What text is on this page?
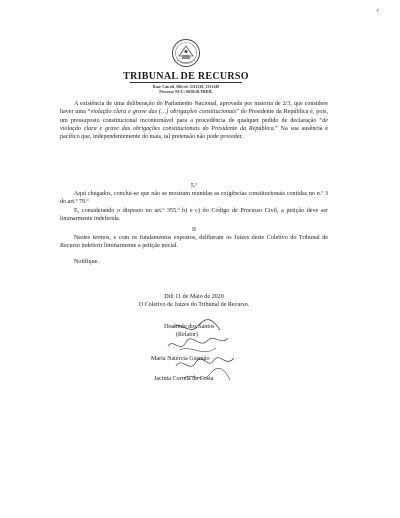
‹
TRIBUNAL DE RECURSO
Rua: Caicoli, Dili tel. 3311230, 3331149
Processo NUC: 0020/20.TRDIL

A existência de uma deliberação do Parlamento Nacional, aprovada por maioria de 2/3, que considere haver uma “violação clara e grave das (…) obrigações constitucionais” do Presidente da República é, pois, um pressuposto constitucional incontornável para a procedência de qualquer pedido de declaração “de violação clara e grave das obrigações constitucionais do Presidente da República.” Na sua ausência é pacífico que, independentemente do mais, tal pretensão não pode proceder.

5.º

Aqui chegados, conclui-se que não se mostram reunidas as exigências constitucionais contidas no n.º 3 do art.º 79.º

E, considerando o disposto no art.º 355.º b) e c) do Código de Processo Civil, a petição deve ser liminarmente indeferida.

II

Nestes termos, e com os fundamentos expostos, deliberam os Juízes deste Coletivo do Tribunal de Recurso indeferir liminarmente a petição inicial.

Notifique.

Dili 11 de Maio de 2020
O Coletivo de Juízes do Tribunal de Recurso.
Deolindo dos Santos
(Relator)
Maria Natércia Gusmão
Jacinta Correia da Costa
